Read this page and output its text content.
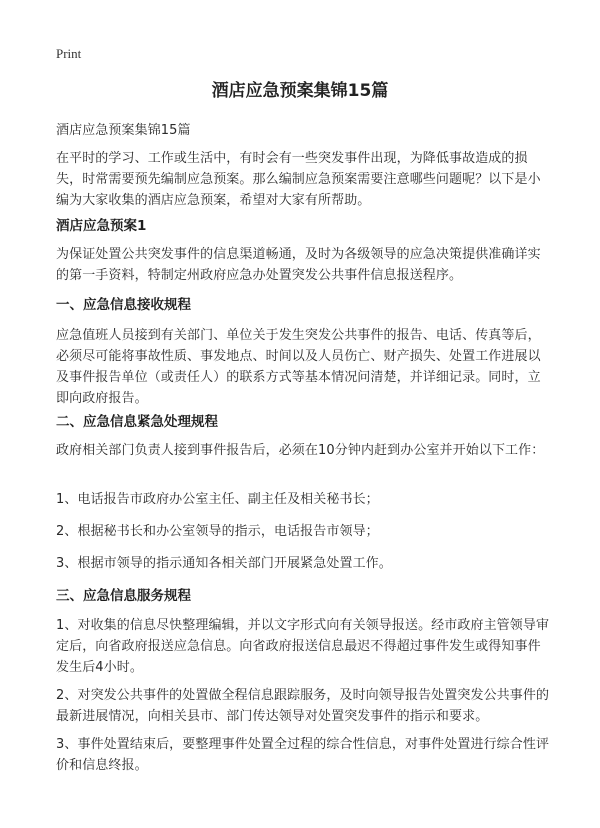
Print
酒店应急预案集锦15篇

酒店应急预案集锦15篇

在平时的学习、工作或生活中，有时会有一些突发事件出现，为降低事故造成的损失，时常需要预先编制应急预案。那么编制应急预案需要注意哪些问题呢？以下是小编为大家收集的酒店应急预案，希望对大家有所帮助。

酒店应急预案1

为保证处置公共突发事件的信息渠道畅通，及时为各级领导的应急决策提供准确详实的第一手资料，特制定州政府应急办处置突发公共事件信息报送程序。

一、应急信息接收规程

应急值班人员接到有关部门、单位关于发生突发公共事件的报告、电话、传真等后，必须尽可能将事故性质、事发地点、时间以及人员伤亡、财产损失、处置工作进展以及事件报告单位（或责任人）的联系方式等基本情况问清楚，并详细记录。同时，立即向政府报告。

二、应急信息紧急处理规程

政府相关部门负责人接到事件报告后，必须在10分钟内赶到办公室并开始以下工作：

1、电话报告市政府办公室主任、副主任及相关秘书长；

2、根据秘书长和办公室领导的指示，电话报告市领导；

3、根据市领导的指示通知各相关部门开展紧急处置工作。

三、应急信息服务规程

1、对收集的信息尽快整理编辑，并以文字形式向有关领导报送。经市政府主管领导审定后，向省政府报送应急信息。向省政府报送信息最迟不得超过事件发生或得知事件发生后4小时。

2、对突发公共事件的处置做全程信息跟踪服务，及时向领导报告处置突发公共事件的最新进展情况，向相关县市、部门传达领导对处置突发事件的指示和要求。

3、事件处置结束后，要整理事件处置全过程的综合性信息，对事件处置进行综合性评价和信息终报。
